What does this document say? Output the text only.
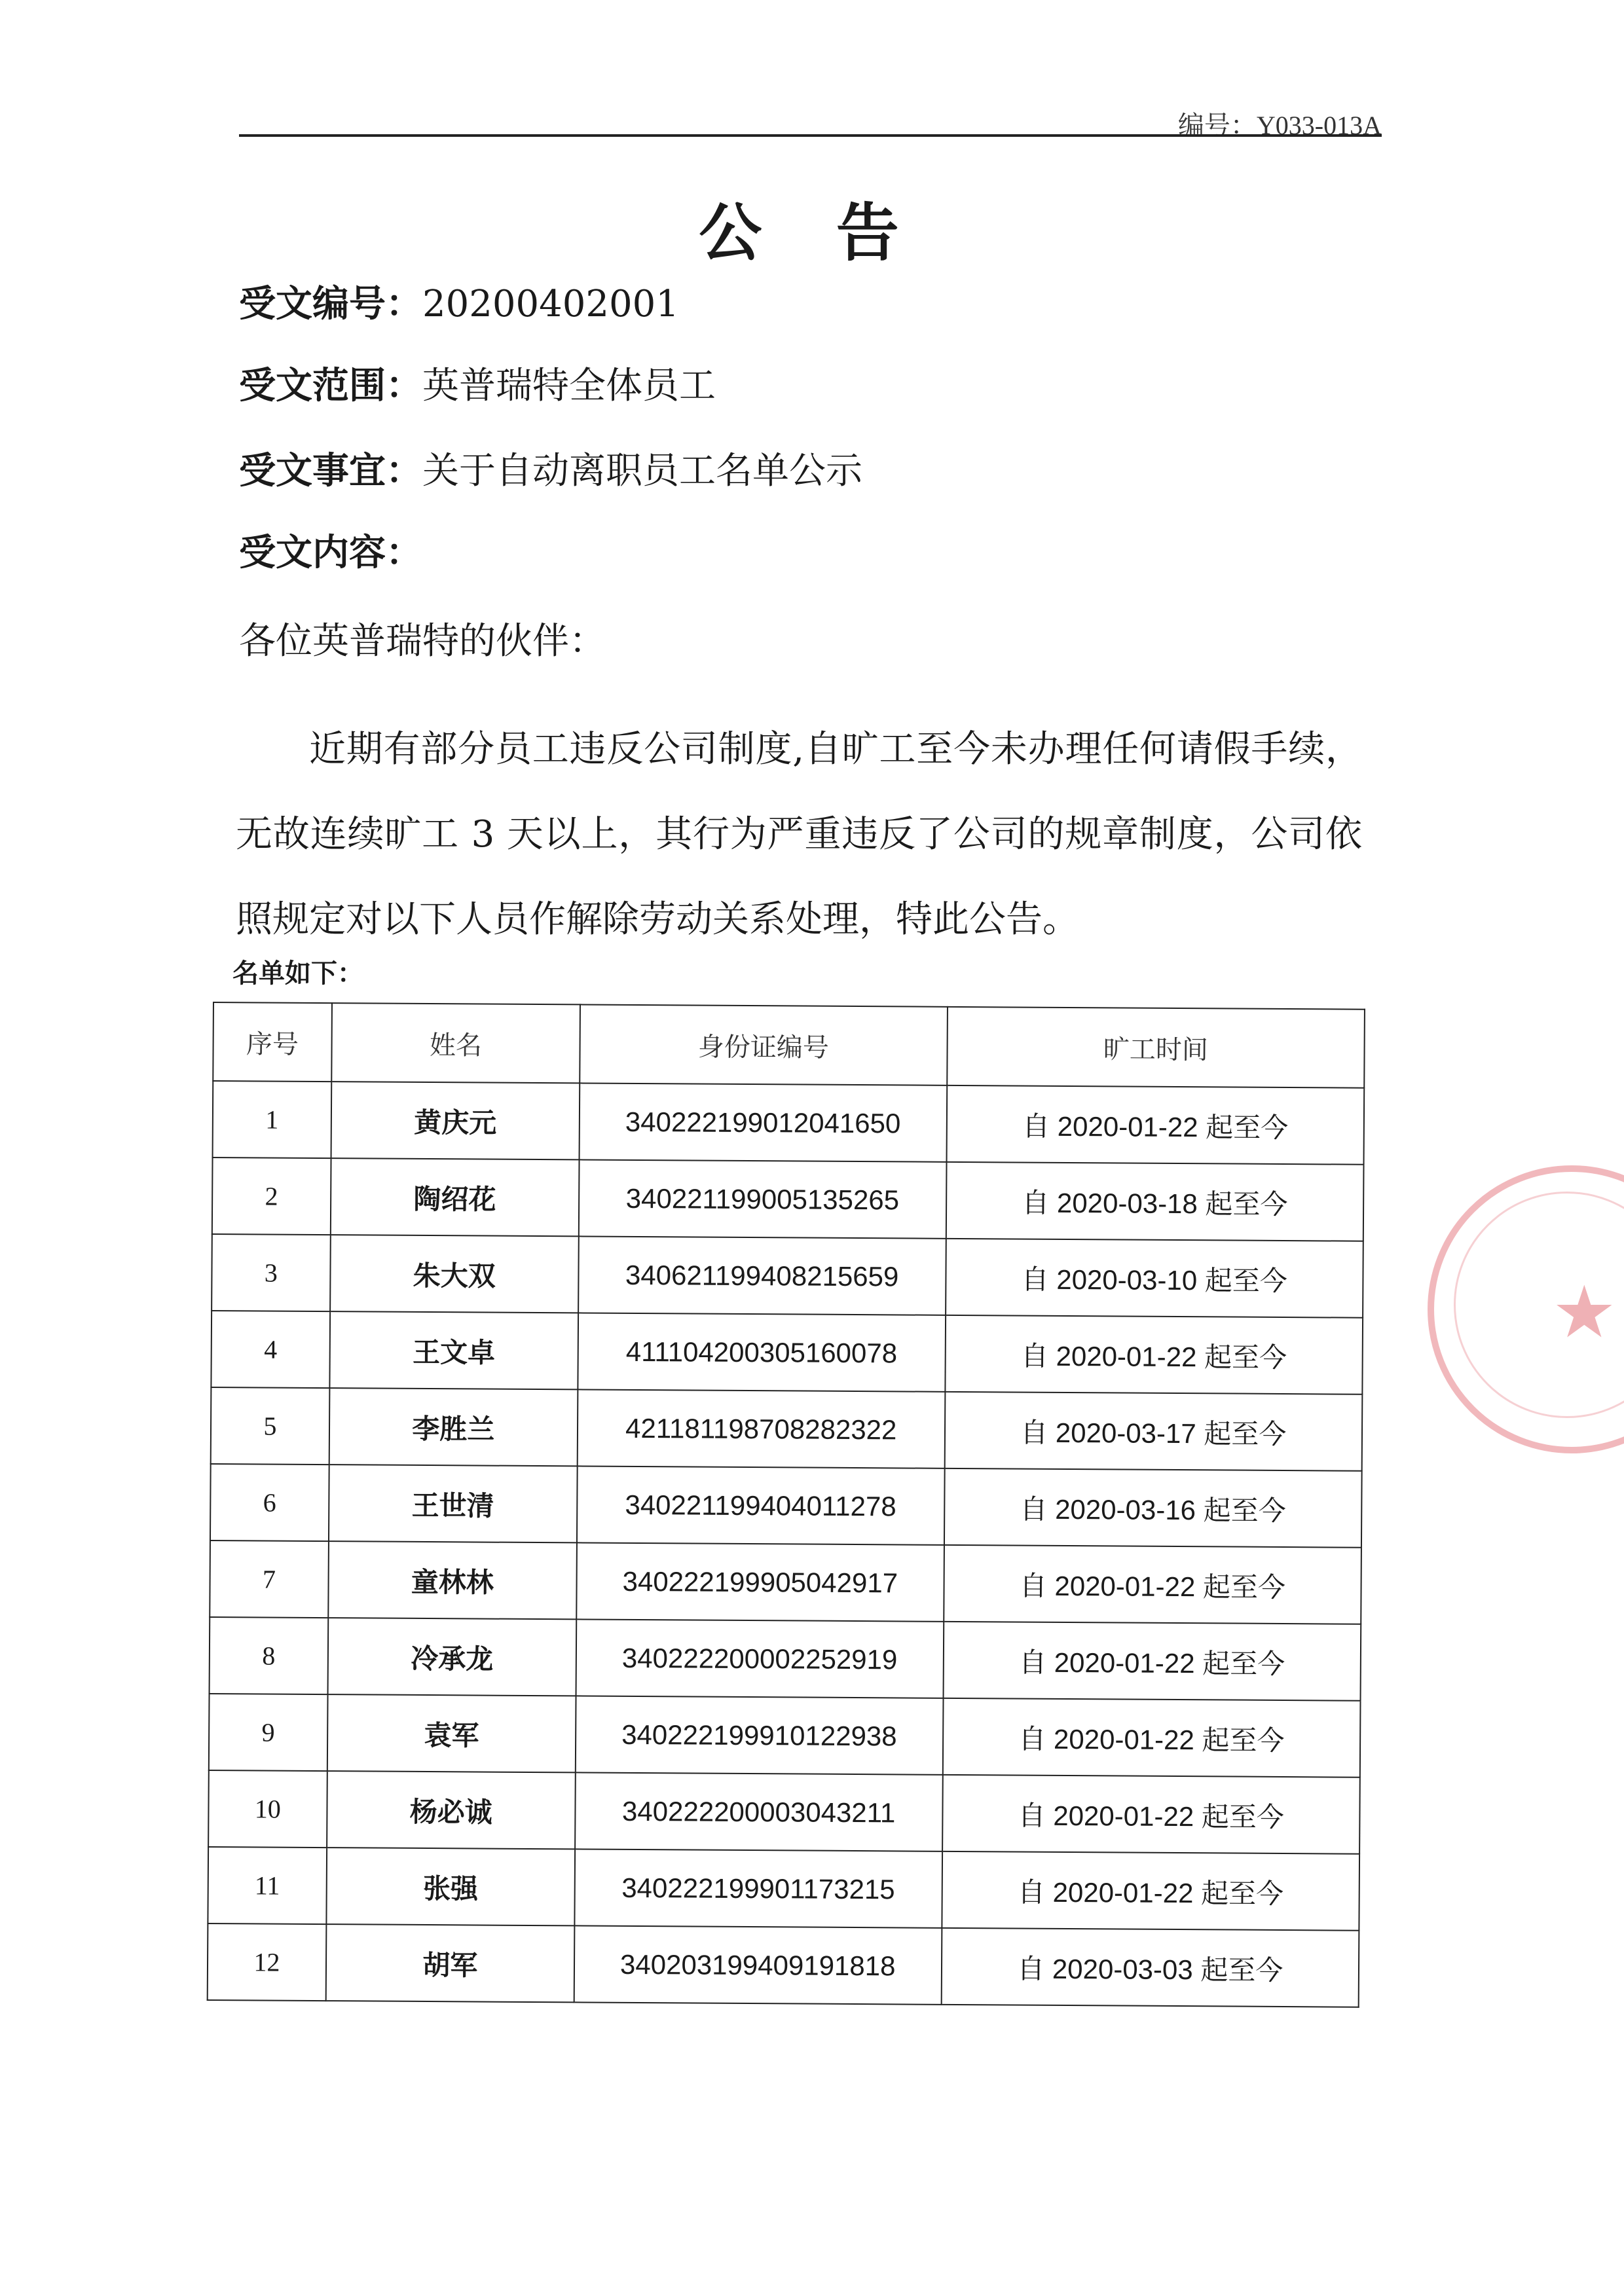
编号：Y033-013A
公 告
受文编号：20200402001
受文范围：英普瑞特全体员工
受文事宜：关于自动离职员工名单公示
受文内容：
各位英普瑞特的伙伴：
近期有部分员工违反公司制度,自旷工至今未办理任何请假手续，无故连续旷工 3 天以上，其行为严重违反了公司的规章制度，公司依照规定对以下人员作解除劳动关系处理，特此公告。
名单如下：
序号	姓名	身份证编号	旷工时间
1	黄庆元	340222199012041650	自 2020-01-22 起至今
2	陶绍花	340221199005135265	自 2020-03-18 起至今
3	朱大双	340621199408215659	自 2020-03-10 起至今
4	王文卓	411104200305160078	自 2020-01-22 起至今
5	李胜兰	421181198708282322	自 2020-03-17 起至今
6	王世清	340221199404011278	自 2020-03-16 起至今
7	童林林	340222199905042917	自 2020-01-22 起至今
8	冷承龙	340222200002252919	自 2020-01-22 起至今
9	袁军	340222199910122938	自 2020-01-22 起至今
10	杨必诚	340222200003043211	自 2020-01-22 起至今
11	张强	340222199901173215	自 2020-01-22 起至今
12	胡军	340203199409191818	自 2020-03-03 起至今
★
